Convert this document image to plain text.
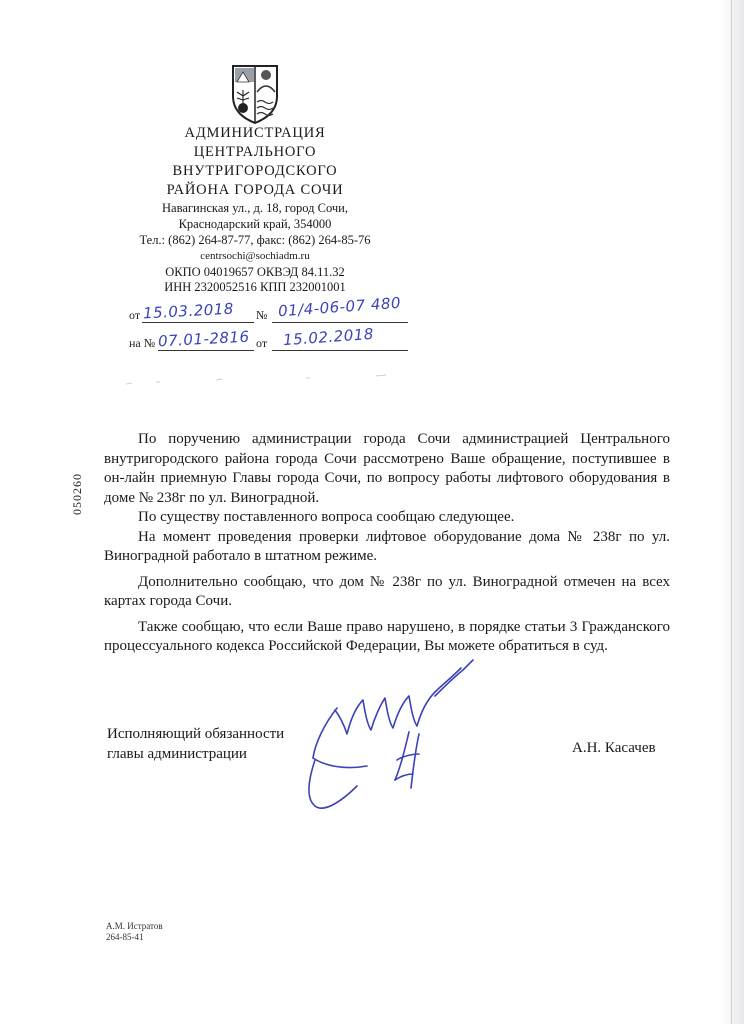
АДМИНИСТРАЦИЯ
ЦЕНТРАЛЬНОГО
ВНУТРИГОРОДСКОГО
РАЙОНА ГОРОДА СОЧИ
Навагинская ул., д. 18, город Сочи,
Краснодарский край, 354000
Тел.: (862) 264-87-77, факс: (862) 264-85-76
centrsochi@sochiadm.ru
ОКПО 04019657 ОКВЭД 84.11.32
ИНН 2320052516 КПП 232001001
от 15.03.2018 № 01/4-06-07 480
на № 07.01-2816 от 15.02.2018
050260

По поручению администрации города Сочи администрацией Центрального внутригородского района города Сочи рассмотрено Ваше обращение, поступившее в он-лайн приемную Главы города Сочи, по вопросу работы лифтового оборудования в доме № 238г по ул. Виноградной.

По существу поставленного вопроса сообщаю следующее.

На момент проведения проверки лифтовое оборудование дома № 238г по ул. Виноградной работало в штатном режиме.

Дополнительно сообщаю, что дом № 238г по ул. Виноградной отмечен на всех картах города Сочи.

Также сообщаю, что если Ваше право нарушено, в порядке статьи 3 Гражданского процессуального кодекса Российской Федерации, Вы можете обратиться в суд.

Исполняющий обязанности
главы администрации	А.Н. Касачев
А.М. Истратов
264-85-41
